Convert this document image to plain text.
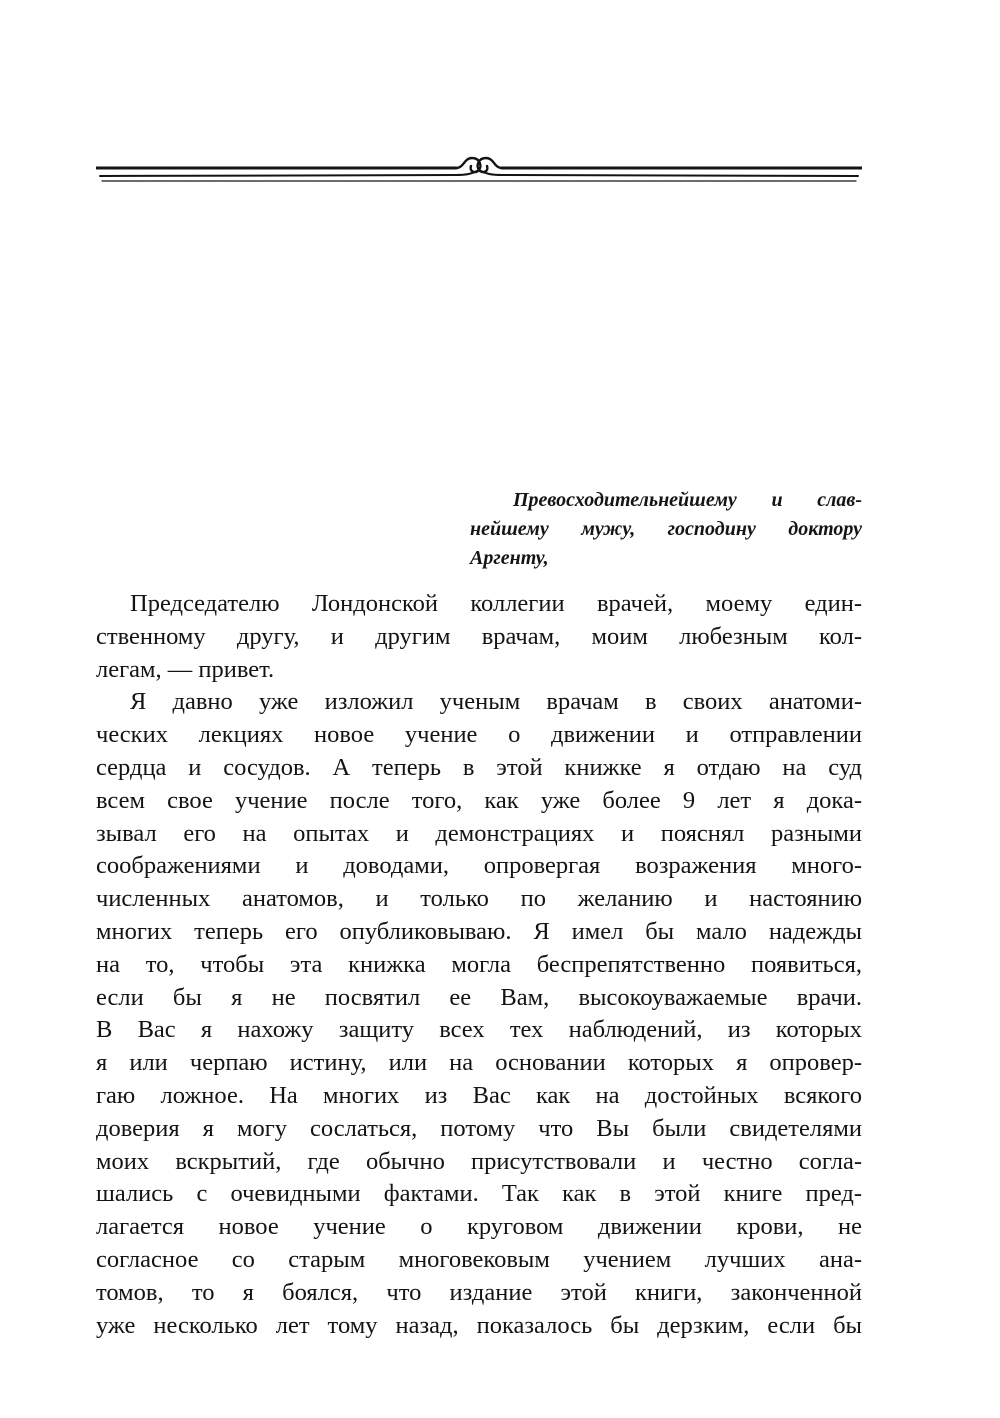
Превосходительнейшему и слав-
нейшему мужу, господину доктору
Аргенту,
Председателю Лондонской коллегии врачей, моему един-
ственному другу, и другим врачам, моим любезным кол-
легам, — привет.
Я давно уже изложил ученым врачам в своих анатоми-
ческих лекциях новое учение о движении и отправлении
сердца и сосудов. А теперь в этой книжке я отдаю на суд
всем свое учение после того, как уже более 9 лет я дока-
зывал его на опытах и демонстрациях и пояснял разными
соображениями и доводами, опровергая возражения много-
численных анатомов, и только по желанию и настоянию
многих теперь его опубликовываю. Я имел бы мало надежды
на то, чтобы эта книжка могла беспрепятственно появиться,
если бы я не посвятил ее Вам, высокоуважаемые врачи.
В Вас я нахожу защиту всех тех наблюдений, из которых
я или черпаю истину, или на основании которых я опровер-
гаю ложное. На многих из Вас как на достойных всякого
доверия я могу сослаться, потому что Вы были свидетелями
моих вскрытий, где обычно присутствовали и честно согла-
шались с очевидными фактами. Так как в этой книге пред-
лагается новое учение о круговом движении крови, не
согласное со старым многовековым учением лучших ана-
томов, то я боялся, что издание этой книги, законченной
уже несколько лет тому назад, показалось бы дерзким, если бы
